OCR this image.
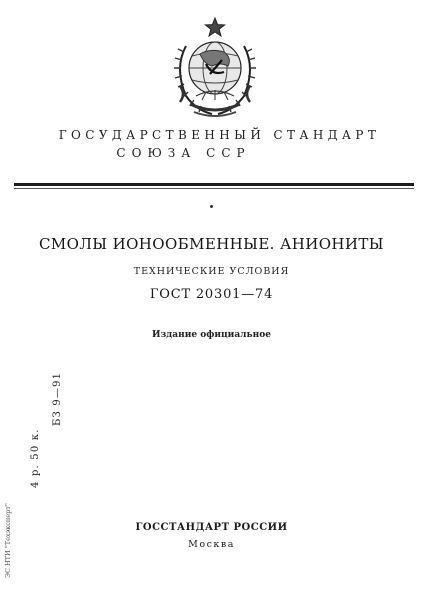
ГОСУДАРСТВЕННЫЙ СТАНДАРТ
СОЮЗА ССР
СМОЛЫ ИОНООБМЕННЫЕ. АНИОНИТЫ
ТЕХНИЧЕСКИЕ УСЛОВИЯ
ГОСТ 20301—74
Издание официальное
4 р. 50 к.
БЗ 9—91
ЭС НТИ "Техэксперт"	ГОССТАНДАРТ РОССИИ
Москва
